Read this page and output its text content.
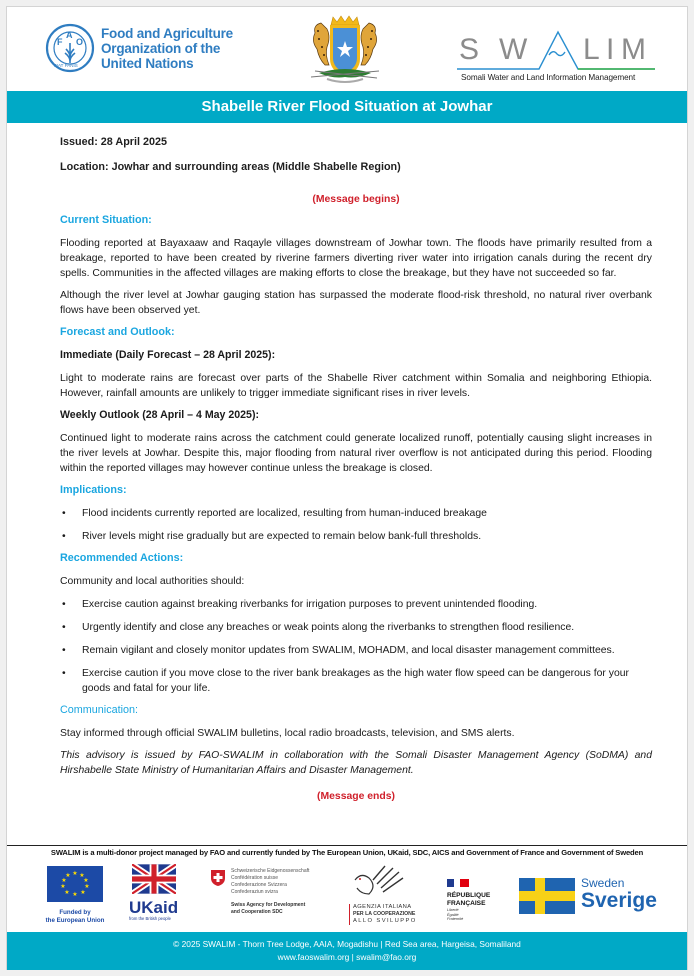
F
A
O
FIAT PANIS
Food and Agriculture
Organization of the
United Nations	S W L I M
Somali Water and Land Information Management
Shabelle River Flood Situation at Jowhar
Issued: 28 April 2025
Location: Jowhar and surrounding areas (Middle Shabelle Region)
(Message begins)
Current Situation:

Flooding reported at Bayaxaaw and Raqayle villages downstream of Jowhar town. The floods have primarily resulted from a breakage, reported to have been created by riverine farmers diverting river water into irrigation canals during the recent dry spells. Communities in the affected villages are making efforts to close the breakage, but they have not succeeded so far.

Although the river level at Jowhar gauging station has surpassed the moderate flood-risk threshold, no natural river overbank flows have been observed yet.

Forecast and Outlook:
Immediate (Daily Forecast – 28 April 2025):

Light to moderate rains are forecast over parts of the Shabelle River catchment within Somalia and neighboring Ethiopia. However, rainfall amounts are unlikely to trigger immediate significant rises in river levels.

Weekly Outlook (28 April – 4 May 2025):

Continued light to moderate rains across the catchment could generate localized runoff, potentially causing slight increases in the river levels at Jowhar. Despite this, major flooding from natural river overflow is not anticipated during this period. Flooding within the reported villages may however continue unless the breakage is closed.

Implications:
• Flood incidents currently reported are localized, resulting from human-induced breakage
• River levels might rise gradually but are expected to remain below bank-full thresholds.
Recommended Actions:
Community and local authorities should:
• Exercise caution against breaking riverbanks for irrigation purposes to prevent unintended flooding.
• Urgently identify and close any breaches or weak points along the riverbanks to strengthen flood resilience.
• Remain vigilant and closely monitor updates from SWALIM, MOHADM, and local disaster management committees.
• Exercise caution if you move close to the river bank breakages as the high water flow speed can be dangerous for your goods and fatal for your life.
Communication:

Stay informed through official SWALIM bulletins, local radio broadcasts, television, and SMS alerts.

This advisory is issued by FAO-SWALIM in collaboration with the Somali Disaster Management Agency (SoDMA) and Hirshabelle State Ministry of Humanitarian Affairs and Disaster Management.

(Message ends)
SWALIM is a multi-donor project managed by FAO and currently funded by The European Union, UKaid, SDC, AICS and Government of France and Government of Sweden
★ ★
★
★
★
★
★
★
★
★
Funded by
the European Union
UKaid
from the British people
Schweizerische Eidgenossenschaft
Confédération suisse
Confederazione Svizzera
Confederaziun svizra
Swiss Agency for Development
and Cooperation SDC
AGENZIA ITALIANA
PER LA COOPERAZIONE
ALLO SVILUPPO
RÉPUBLIQUE
FRANÇAISE
Liberté
Égalité
Fraternité
Sweden
Sverige
© 2025 SWALIM - Thorn Tree Lodge, AAIA, Mogadishu | Red Sea area, Hargeisa, Somaliland
www.faoswalim.org | swalim@fao.org
